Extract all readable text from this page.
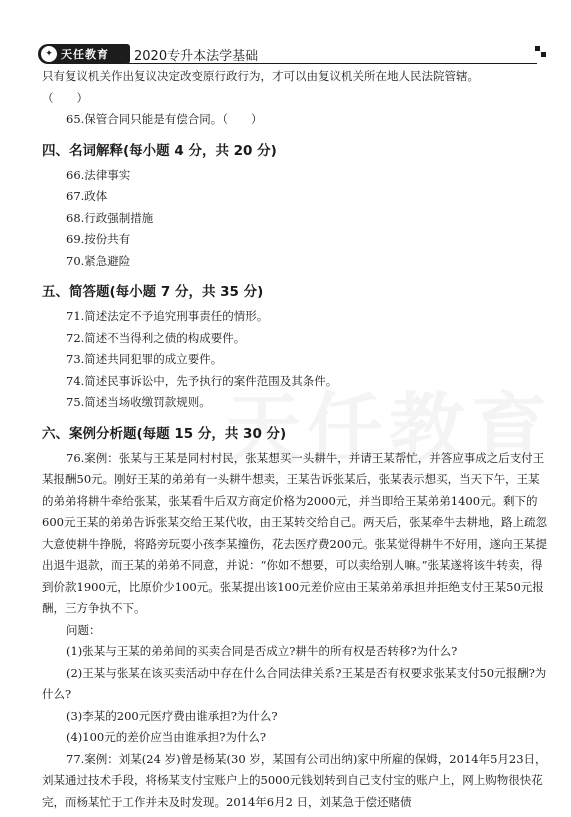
✦ 天任教育 2020专升本法学基础

只有复议机关作出复议决定改变原行政行为，才可以由复议机关所在地人民法院管辖。

（　　）

65.保管合同只能是有偿合同。（　　）

四、名词解释(每小题 4 分，共 20 分)

66.法律事实

67.政体

68.行政强制措施

69.按份共有

70.紧急避险

五、简答题(每小题 7 分，共 35 分)

71.简述法定不予追究刑事责任的情形。

72.简述不当得利之债的构成要件。

73.简述共同犯罪的成立要件。

74.简述民事诉讼中，先予执行的案件范围及其条件。

75.简述当场收缴罚款规则。

六、案例分析题(每题 15 分，共 30 分)

76.案例：张某与王某是同村村民，张某想买一头耕牛，并请王某帮忙，并答应事成之后支付王某报酬50元。刚好王某的弟弟有一头耕牛想卖，王某告诉张某后，张某表示想买，当天下午，王某的弟弟将耕牛牵给张某，张某看牛后双方商定价格为2000元，并当即给王某弟弟1400元。剩下的600元王某的弟弟告诉张某交给王某代收，由王某转交给自己。两天后，张某牵牛去耕地，路上疏忽大意使耕牛挣脱，将路旁玩耍小孩李某撞伤，花去医疗费200元。张某觉得耕牛不好用，遂向王某提出退牛退款，而王某的弟弟不同意，并说：“你如不想要，可以卖给别人嘛。”张某遂将该牛转卖，得到价款1900元，比原价少100元。张某提出该100元差价应由王某弟弟承担并拒绝支付王某50元报酬，三方争执不下。

问题：

(1)张某与王某的弟弟间的买卖合同是否成立?耕牛的所有权是否转移?为什么?

(2)王某与张某在该买卖活动中存在什么合同法律关系?王某是否有权要求张某支付50元报酬?为什么?

(3)李某的200元医疗费由谁承担?为什么?

(4)100元的差价应当由谁承担?为什么?

77.案例：刘某(24 岁)曾是杨某(30 岁，某国有公司出纳)家中所雇的保姆，2014年5月23日，刘某通过技术手段，将杨某支付宝账户上的5000元钱划转到自己支付宝的账户上，网上购物很快花完，而杨某忙于工作并未及时发现。2014年6月2 日，刘某急于偿还赌债
